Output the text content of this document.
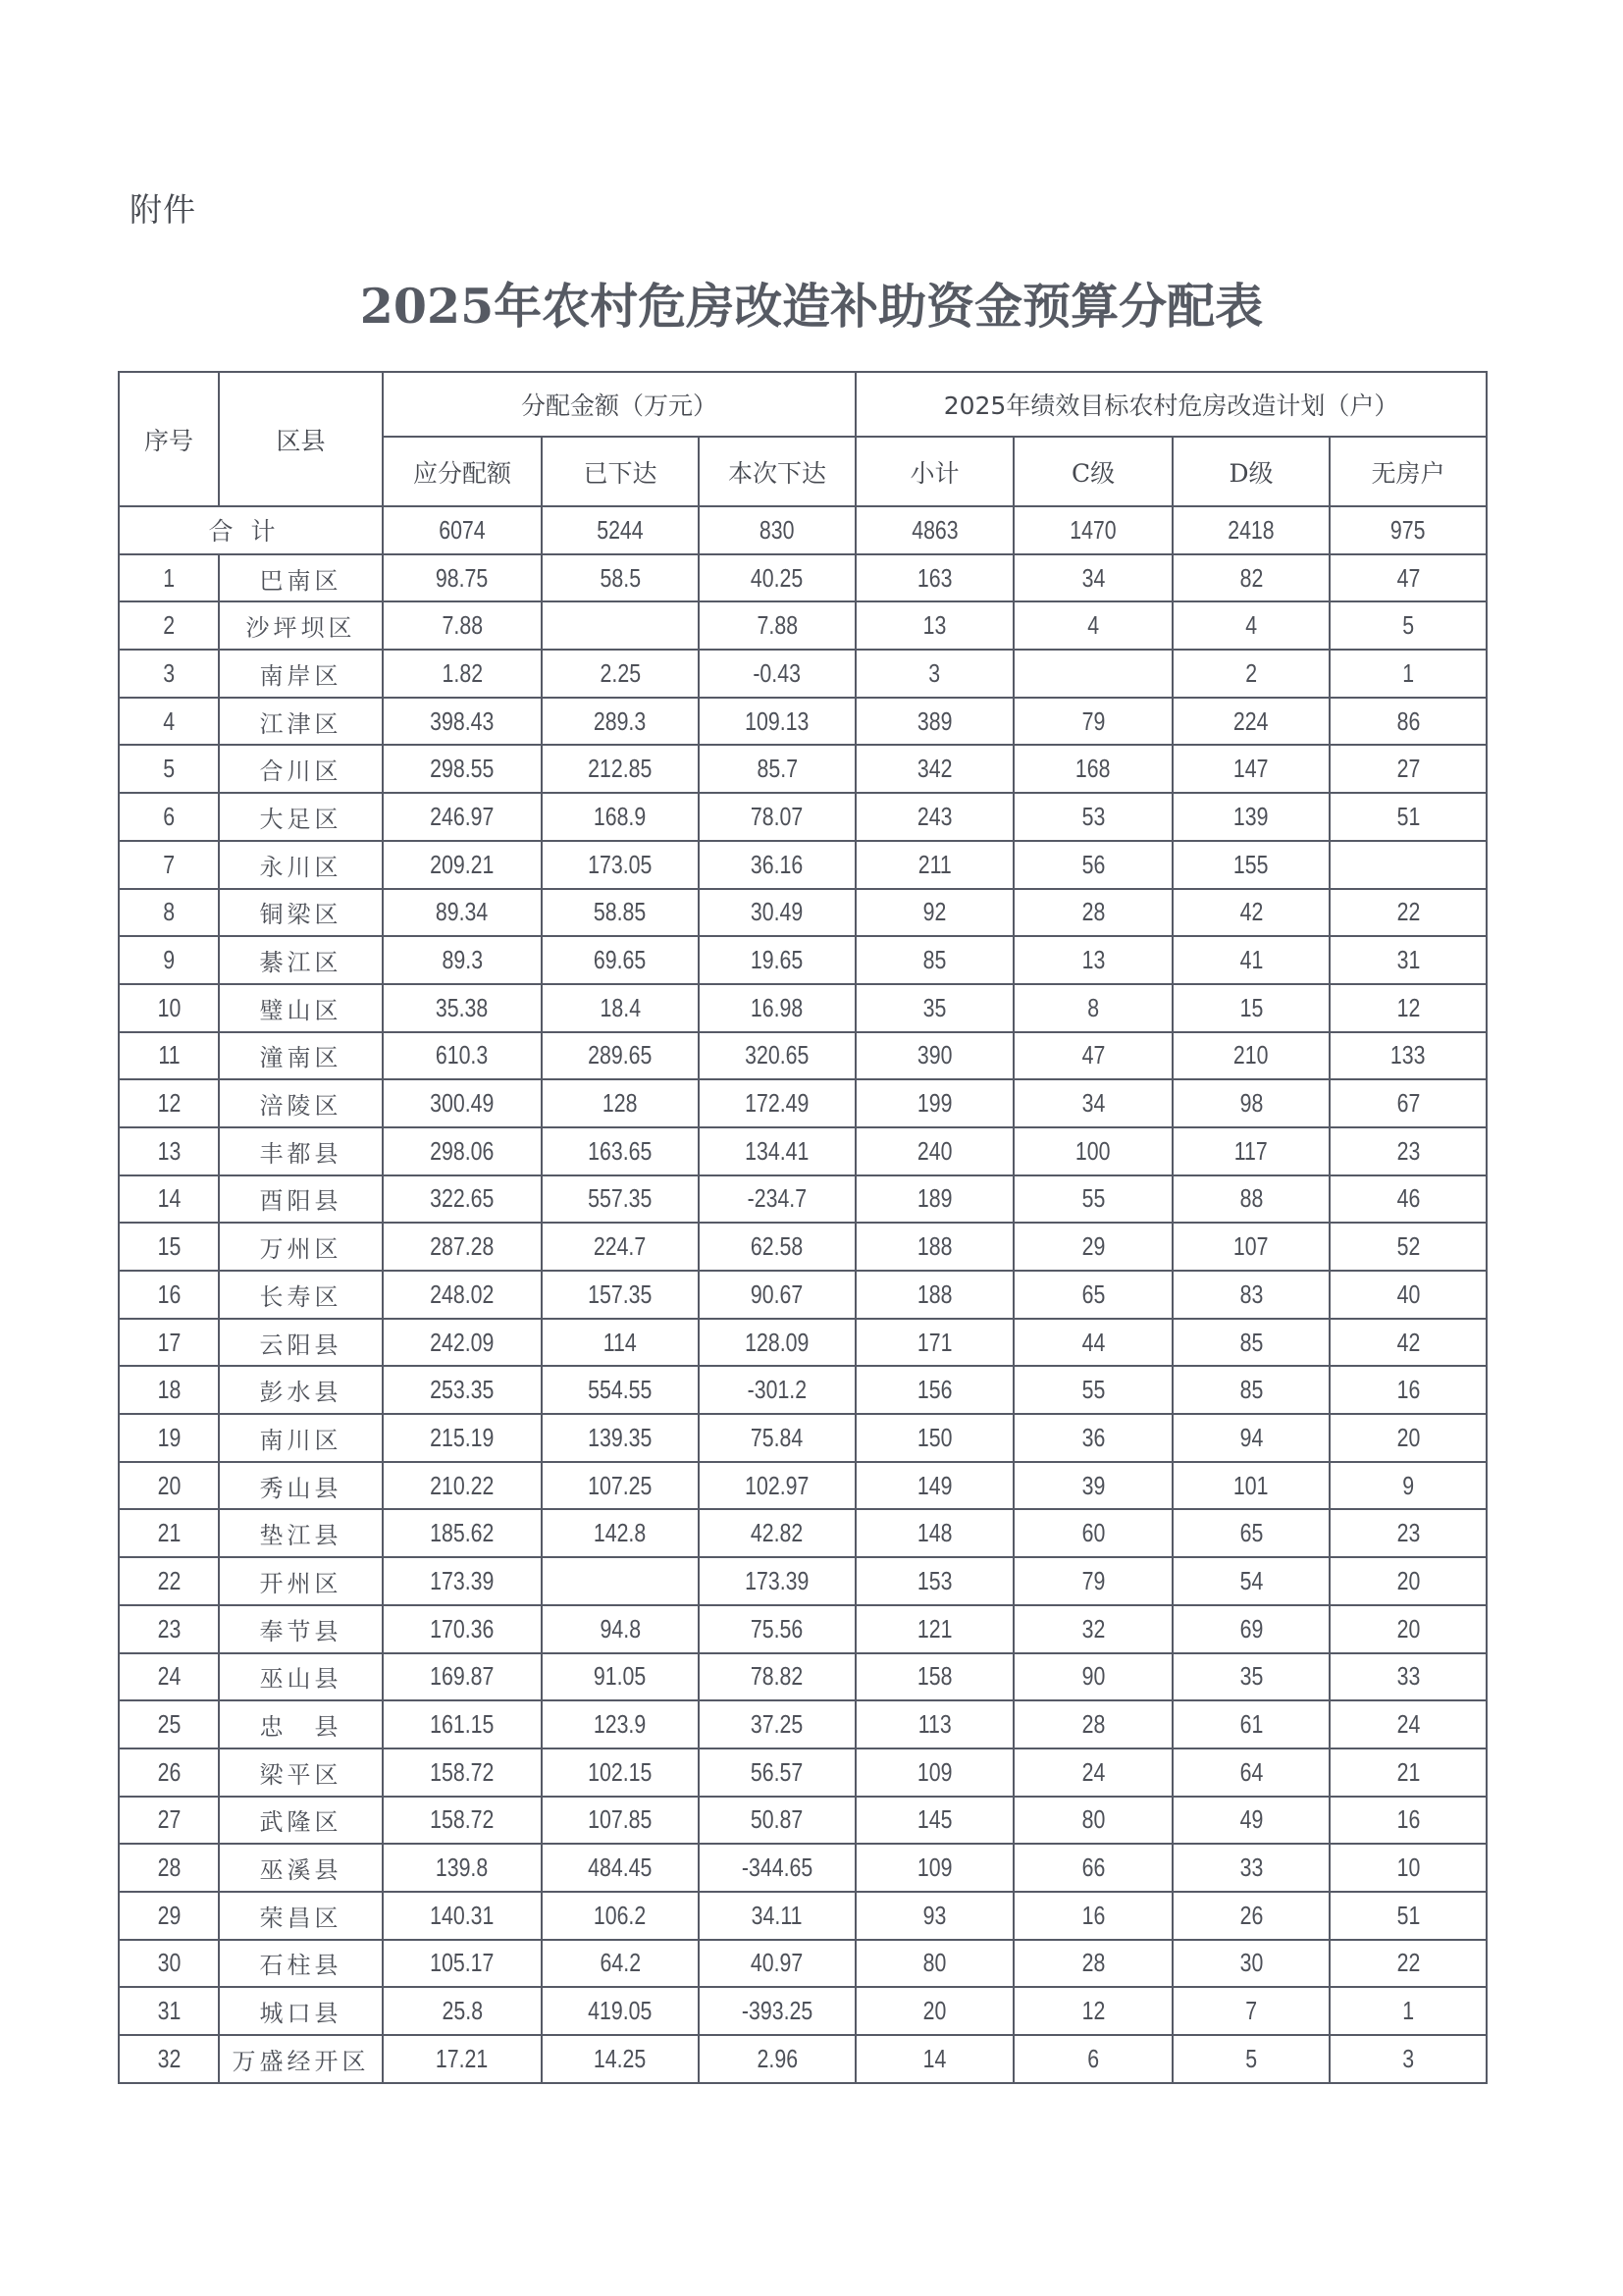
附件
2025年农村危房改造补助资金预算分配表
序号	区县	分配金额（万元）			2025年绩效目标农村危房改造计划（户）			
		应分配额	已下达	本次下达	小计	C级	D级	无房户
合计		6074	5244	830	4863	1470	2418	975
1	巴南区	98.75	58.5	40.25	163	34	82	47
2	沙坪坝区	7.88		7.88	13	4	4	5
3	南岸区	1.82	2.25	-0.43	3		2	1
4	江津区	398.43	289.3	109.13	389	79	224	86
5	合川区	298.55	212.85	85.7	342	168	147	27
6	大足区	246.97	168.9	78.07	243	53	139	51
7	永川区	209.21	173.05	36.16	211	56	155	
8	铜梁区	89.34	58.85	30.49	92	28	42	22
9	綦江区	89.3	69.65	19.65	85	13	41	31
10	璧山区	35.38	18.4	16.98	35	8	15	12
11	潼南区	610.3	289.65	320.65	390	47	210	133
12	涪陵区	300.49	128	172.49	199	34	98	67
13	丰都县	298.06	163.65	134.41	240	100	117	23
14	酉阳县	322.65	557.35	-234.7	189	55	88	46
15	万州区	287.28	224.7	62.58	188	29	107	52
16	长寿区	248.02	157.35	90.67	188	65	83	40
17	云阳县	242.09	114	128.09	171	44	85	42
18	彭水县	253.35	554.55	-301.2	156	55	85	16
19	南川区	215.19	139.35	75.84	150	36	94	20
20	秀山县	210.22	107.25	102.97	149	39	101	9
21	垫江县	185.62	142.8	42.82	148	60	65	23
22	开州区	173.39		173.39	153	79	54	20
23	奉节县	170.36	94.8	75.56	121	32	69	20
24	巫山县	169.87	91.05	78.82	158	90	35	33
25	忠　县	161.15	123.9	37.25	113	28	61	24
26	梁平区	158.72	102.15	56.57	109	24	64	21
27	武隆区	158.72	107.85	50.87	145	80	49	16
28	巫溪县	139.8	484.45	-344.65	109	66	33	10
29	荣昌区	140.31	106.2	34.11	93	16	26	51
30	石柱县	105.17	64.2	40.97	80	28	30	22
31	城口县	25.8	419.05	-393.25	20	12	7	1
32	万盛经开区	17.21	14.25	2.96	14	6	5	3
